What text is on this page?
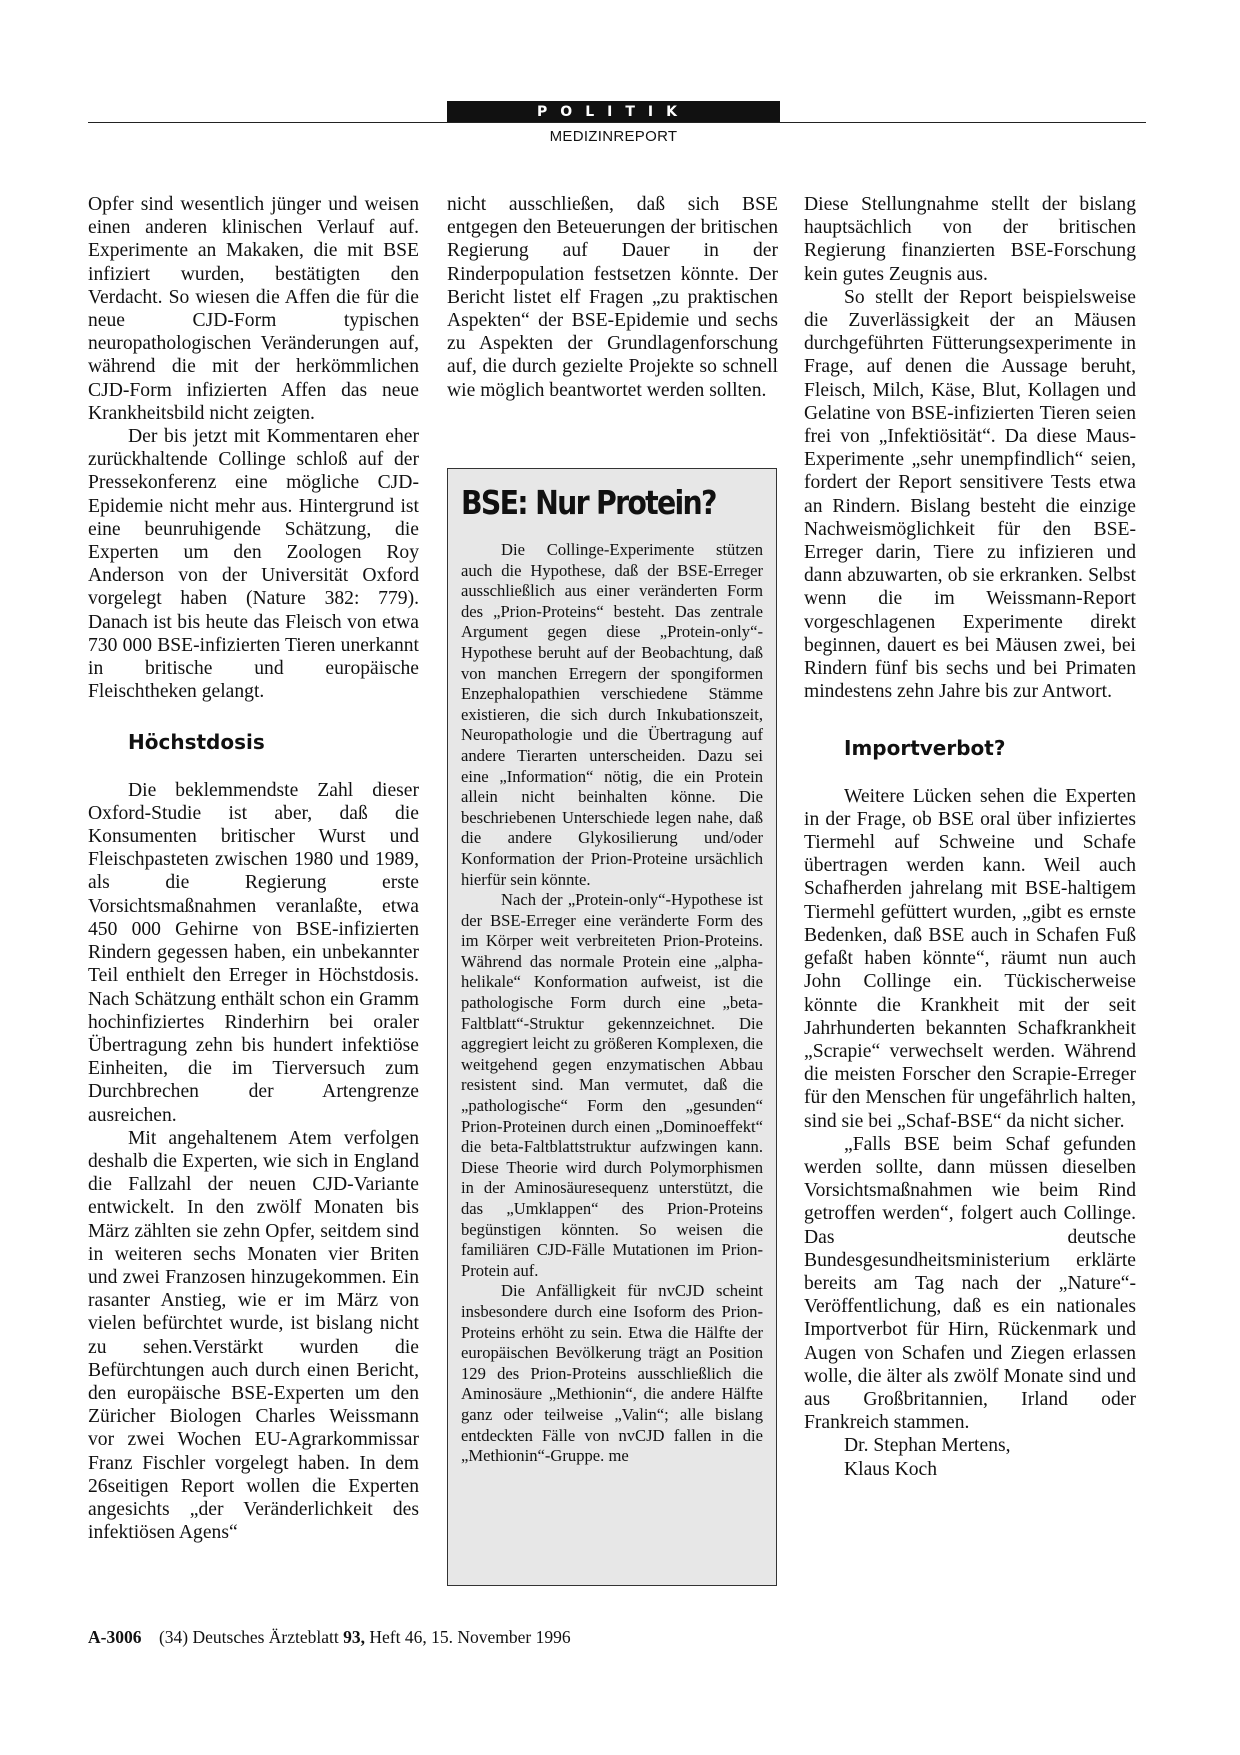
POLITIK
MEDIZINREPORT

Opfer sind wesentlich jünger und weisen einen anderen klinischen Verlauf auf. Experimente an Makaken, die mit BSE infiziert wurden, bestätigten den Verdacht. So wiesen die Affen die für die neue CJD-Form typischen neuropathologischen Veränderungen auf, während die mit der herkömmlichen CJD-Form infizierten Affen das neue Krankheitsbild nicht zeigten.

Der bis jetzt mit Kommentaren eher zurückhaltende Collinge schloß auf der Pressekonferenz eine mögliche CJD-Epidemie nicht mehr aus. Hintergrund ist eine beunruhigende Schätzung, die Experten um den Zoologen Roy Anderson von der Universität Oxford vorgelegt haben (Nature 382: 779). Danach ist bis heute das Fleisch von etwa 730 000 BSE-infizierten Tieren unerkannt in britische und europäische Fleischtheken gelangt.

Höchstdosis

Die beklemmendste Zahl dieser Oxford-Studie ist aber, daß die Konsumenten britischer Wurst und Fleischpasteten zwischen 1980 und 1989, als die Regierung erste Vorsichtsmaßnahmen veranlaßte, etwa 450 000 Gehirne von BSE-infizierten Rindern gegessen haben, ein unbekannter Teil enthielt den Erreger in Höchstdosis. Nach Schätzung enthält schon ein Gramm hochinfiziertes Rinderhirn bei oraler Übertragung zehn bis hundert infektiöse Einheiten, die im Tierversuch zum Durchbrechen der Artengrenze ausreichen.

Mit angehaltenem Atem verfolgen deshalb die Experten, wie sich in England die Fallzahl der neuen CJD-Variante entwickelt. In den zwölf Monaten bis März zählten sie zehn Opfer, seitdem sind in weiteren sechs Monaten vier Briten und zwei Franzosen hinzugekommen. Ein rasanter Anstieg, wie er im März von vielen befürchtet wurde, ist bislang nicht zu sehen.Verstärkt wurden die Befürchtungen auch durch einen Bericht, den europäische BSE-Experten um den Züricher Biologen Charles Weissmann vor zwei Wochen EU-Agrarkommissar Franz Fischler vorgelegt haben. In dem 26seitigen Report wollen die Experten angesichts „der Veränderlichkeit des infektiösen Agens“

nicht ausschließen, daß sich BSE entgegen den Beteuerungen der britischen Regierung auf Dauer in der Rinderpopulation festsetzen könnte. Der Bericht listet elf Fragen „zu praktischen Aspekten“ der BSE-Epidemie und sechs zu Aspekten der Grundlagenforschung auf, die durch gezielte Projekte so schnell wie möglich beantwortet werden sollten.

BSE: Nur Protein?

Die Collinge-Experimente stützen auch die Hypothese, daß der BSE-Erreger ausschließlich aus einer veränderten Form des „Prion-Proteins“ besteht. Das zentrale Argument gegen diese „Protein-only“-Hypothese beruht auf der Beobachtung, daß von manchen Erregern der spongiformen Enzephalopathien verschiedene Stämme existieren, die sich durch Inkubationszeit, Neuropathologie und die Übertragung auf andere Tierarten unterscheiden. Dazu sei eine „Information“ nötig, die ein Protein allein nicht beinhalten könne. Die beschriebenen Unterschiede legen nahe, daß die andere Glykosilierung und/oder Konformation der Prion-Proteine ursächlich hierfür sein könnte.

Nach der „Protein-only“-Hypothese ist der BSE-Erreger eine veränderte Form des im Körper weit verbreiteten Prion-Proteins. Während das normale Protein eine „alpha-helikale“ Konformation aufweist, ist die pathologische Form durch eine „beta-Faltblatt“-Struktur gekennzeichnet. Die aggregiert leicht zu größeren Komplexen, die weitgehend gegen enzymatischen Abbau resistent sind. Man vermutet, daß die „pathologische“ Form den „gesunden“ Prion-Proteinen durch einen „Dominoeffekt“ die beta-Faltblattstruktur aufzwingen kann. Diese Theorie wird durch Polymorphismen in der Aminosäuresequenz unterstützt, die das „Umklappen“ des Prion-Proteins begünstigen könnten. So weisen die familiären CJD-Fälle Mutationen im Prion-Protein auf.

Die Anfälligkeit für nvCJD scheint insbesondere durch eine Isoform des Prion-Proteins erhöht zu sein. Etwa die Hälfte der europäischen Bevölkerung trägt an Position 129 des Prion-Proteins ausschließlich die Aminosäure „Methionin“, die andere Hälfte ganz oder teilweise „Valin“; alle bislang entdeckten Fälle von nvCJD fallen in die „Methionin“-Gruppe. me

Diese Stellungnahme stellt der bislang hauptsächlich von der britischen Regierung finanzierten BSE-Forschung kein gutes Zeugnis aus.

So stellt der Report beispielsweise die Zuverlässigkeit der an Mäusen durchgeführten Fütterungsexperimente in Frage, auf denen die Aussage beruht, Fleisch, Milch, Käse, Blut, Kollagen und Gelatine von BSE-infizierten Tieren seien frei von „Infektiösität“. Da diese Maus-Experimente „sehr unempfindlich“ seien, fordert der Report sensitivere Tests etwa an Rindern. Bislang besteht die einzige Nachweismöglichkeit für den BSE-Erreger darin, Tiere zu infizieren und dann abzuwarten, ob sie erkranken. Selbst wenn die im Weissmann-Report vorgeschlagenen Experimente direkt beginnen, dauert es bei Mäusen zwei, bei Rindern fünf bis sechs und bei Primaten mindestens zehn Jahre bis zur Antwort.

Importverbot?

Weitere Lücken sehen die Experten in der Frage, ob BSE oral über infiziertes Tiermehl auf Schweine und Schafe übertragen werden kann. Weil auch Schafherden jahrelang mit BSE-haltigem Tiermehl gefüttert wurden, „gibt es ernste Bedenken, daß BSE auch in Schafen Fuß gefaßt haben könnte“, räumt nun auch John Collinge ein. Tückischerweise könnte die Krankheit mit der seit Jahrhunderten bekannten Schafkrankheit „Scrapie“ verwechselt werden. Während die meisten Forscher den Scrapie-Erreger für den Menschen für ungefährlich halten, sind sie bei „Schaf-BSE“ da nicht sicher.

„Falls BSE beim Schaf gefunden werden sollte, dann müssen dieselben Vorsichtsmaßnahmen wie beim Rind getroffen werden“, folgert auch Collinge. Das deutsche Bundesgesundheitsministerium erklärte bereits am Tag nach der „Nature“-Veröffentlichung, daß es ein nationales Importverbot für Hirn, Rückenmark und Augen von Schafen und Ziegen erlassen wolle, die älter als zwölf Monate sind und aus Großbritannien, Irland oder Frankreich stammen.

Dr. Stephan Mertens,

Klaus Koch

A-3006 (34) Deutsches Ärzteblatt 93, Heft 46, 15. November 1996
